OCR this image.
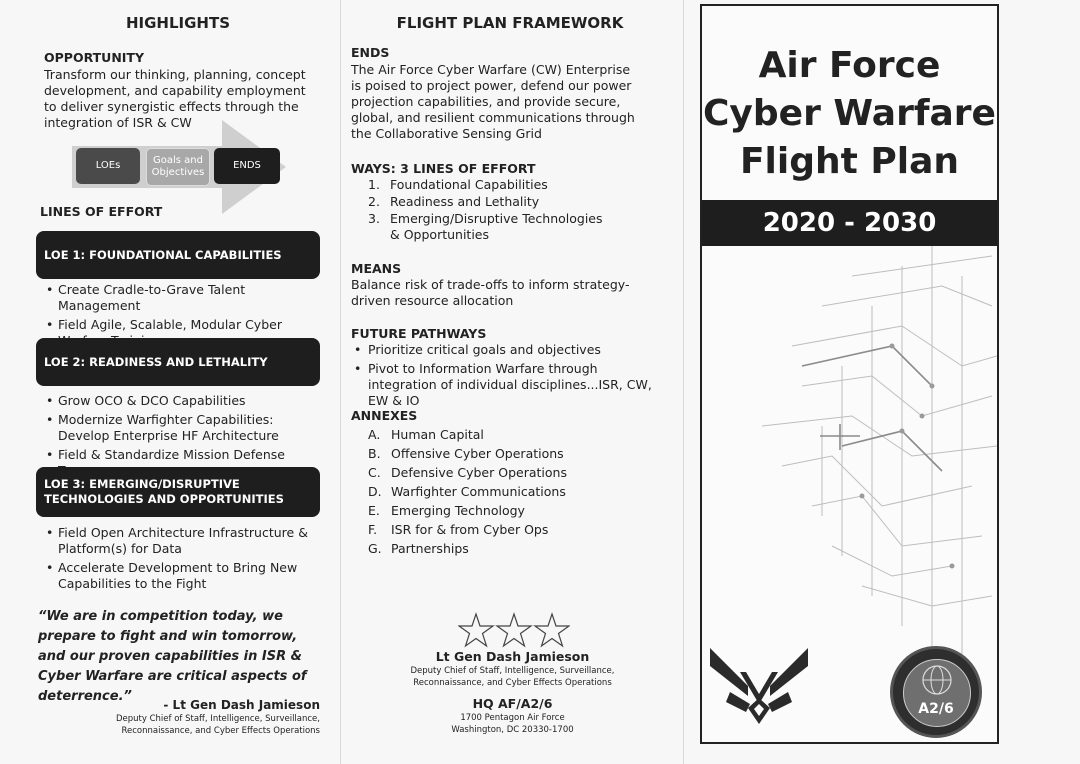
HIGHLIGHTS
OPPORTUNITY
Transform our thinking, planning, concept development, and capability employment to deliver synergistic effects through the integration of ISR & CW
LOEs	Goals and Objectives
ENDS
LINES OF EFFORT
LOE 1: FOUNDATIONAL CAPABILITIES
• Create Cradle-to-Grave Talent Management
• Field Agile, Scalable, Modular Cyber
LOE 2: READINESS AND LETHALITY
• Grow OCO & DCO Capabilities
• Modernize Warfighter Capabilities: Develop Enterprise HF Architecture
• Field & Standardize Mission Defense
LOE 3: EMERGING/DISRUPTIVE TECHNOLOGIES AND OPPORTUNITIES
• Field Open Architecture Infrastructure & Platform(s) for Data
• Accelerate Development to Bring New Capabilities to the Fight
“We are in competition today, we prepare to fight and win tomorrow, and our proven capabilities in ISR & Cyber Warfare are critical aspects of deterrence.”
- Lt Gen Dash Jamieson
Deputy Chief of Staff, Intelligence, Surveillance,
Reconnaissance, and Cyber Effects Operations
FLIGHT PLAN FRAMEWORK
ENDS
The Air Force Cyber Warfare (CW) Enterprise is poised to project power, defend our power projection capabilities, and provide secure, global, and resilient communications through the Collaborative Sensing Grid
WAYS: 3 LINES OF EFFORT
1. Foundational Capabilities
2. Readiness and Lethality
3. Emerging/Disruptive Technologies & Opportunities
MEANS
Balance risk of trade-offs to inform strategy-driven resource allocation
FUTURE PATHWAYS
• Prioritize critical goals and objectives
• Pivot to Information Warfare through integration of individual disciplines...ISR, CW, EW & IO
ANNEXES
A. Human Capital
B. Offensive Cyber Operations
C. Defensive Cyber Operations
D. Warfighter Communications
E. Emerging Technology
F. ISR for & from Cyber Ops
G. Partnerships
Lt Gen Dash Jamieson
Deputy Chief of Staff, Intelligence, Surveillance,
Reconnaissance, and Cyber Effects Operations
HQ AF/A2/6
1700 Pentagon Air Force
Washington, DC 20330-1700
Air Force
Cyber Warfare
Flight Plan
2020 - 2030
A2/6
